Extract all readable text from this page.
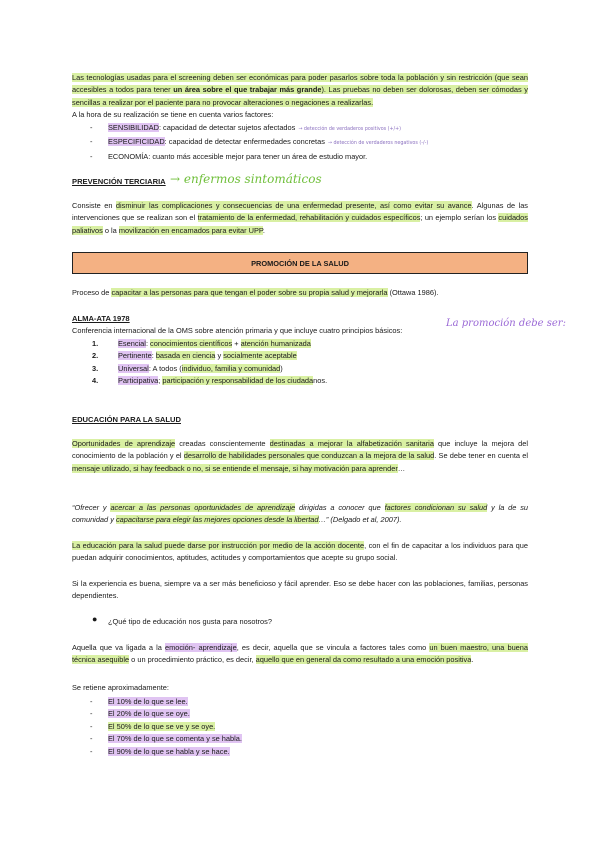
Las tecnologías usadas para el screening deben ser económicas para poder pasarlos sobre toda la población y sin restricción (que sean accesibles a todos para tener un área sobre el que trabajar más grande). Las pruebas no deben ser dolorosas, deben ser cómodas y sencillas a realizar por el paciente para no provocar alteraciones o negaciones a realizarlas.
A la hora de su realización se tiene en cuenta varios factores:
-	SENSIBILIDAD: capacidad de detectar sujetos afectados → detección de verdaderos positivos (+/+)
-	ESPECIFICIDAD: capacidad de detectar enfermedades concretas → detección de verdaderos negativos (-/-)
-	ECONOMÍA: cuanto más accesible mejor para tener un área de estudio mayor.
PREVENCIÓN TERCIARIA → enfermos sintomáticos
Consiste en disminuir las complicaciones y consecuencias de una enfermedad presente, así como evitar su avance. Algunas de las intervenciones que se realizan son el tratamiento de la enfermedad, rehabilitación y cuidados específicos; un ejemplo serían los cuidados paliativos o la movilización en encamados para evitar UPP.
PROMOCIÓN DE LA SALUD
Proceso de capacitar a las personas para que tengan el poder sobre su propia salud y mejorarla (Ottawa 1986).
ALMA-ATA 1978
Conferencia internacional de la OMS sobre atención primaria y que incluye cuatro principios básicos:
La promoción debe ser:
1.	Esencial: conocimientos científicos + atención humanizada
2.	Pertinente: basada en ciencia y socialmente aceptable
3.	Universal: A todos (individuo, familia y comunidad)
4.	Participativa; participación y responsabilidad de los ciudadanos.
EDUCACIÓN PARA LA SALUD
Oportunidades de aprendizaje creadas conscientemente destinadas a mejorar la alfabetización sanitaria que incluye la mejora del conocimiento de la población y el desarrollo de habilidades personales que conduzcan a la mejora de la salud. Se debe tener en cuenta el mensaje utilizado, si hay feedback o no, si se entiende el mensaje, si hay motivación para aprender…
“Ofrecer y acercar a las personas oportunidades de aprendizaje dirigidas a conocer que factores condicionan su salud y la de su comunidad y capacitarse para elegir las mejores opciones desde la libertad…” (Delgado et al, 2007).
La educación para la salud puede darse por instrucción por medio de la acción docente, con el fin de capacitar a los individuos para que puedan adquirir conocimientos, aptitudes, actitudes y comportamientos que acepte su grupo social.
Si la experiencia es buena, siempre va a ser más beneficioso y fácil aprender. Eso se debe hacer con las poblaciones, familias, personas dependientes.
● ¿Qué tipo de educación nos gusta para nosotros?
Aquella que va ligada a la emoción- aprendizaje, es decir, aquella que se vincula a factores tales como un buen maestro, una buena técnica asequible o un procedimiento práctico, es decir, aquello que en general da como resultado a una emoción positiva.
Se retiene aproximadamente:
-	El 10% de lo que se lee.
-	El 20% de lo que se oye.
-	El 50% de lo que se ve y se oye.
-	El 70% de lo que se comenta y se habla.
-	El 90% de lo que se habla y se hace.
